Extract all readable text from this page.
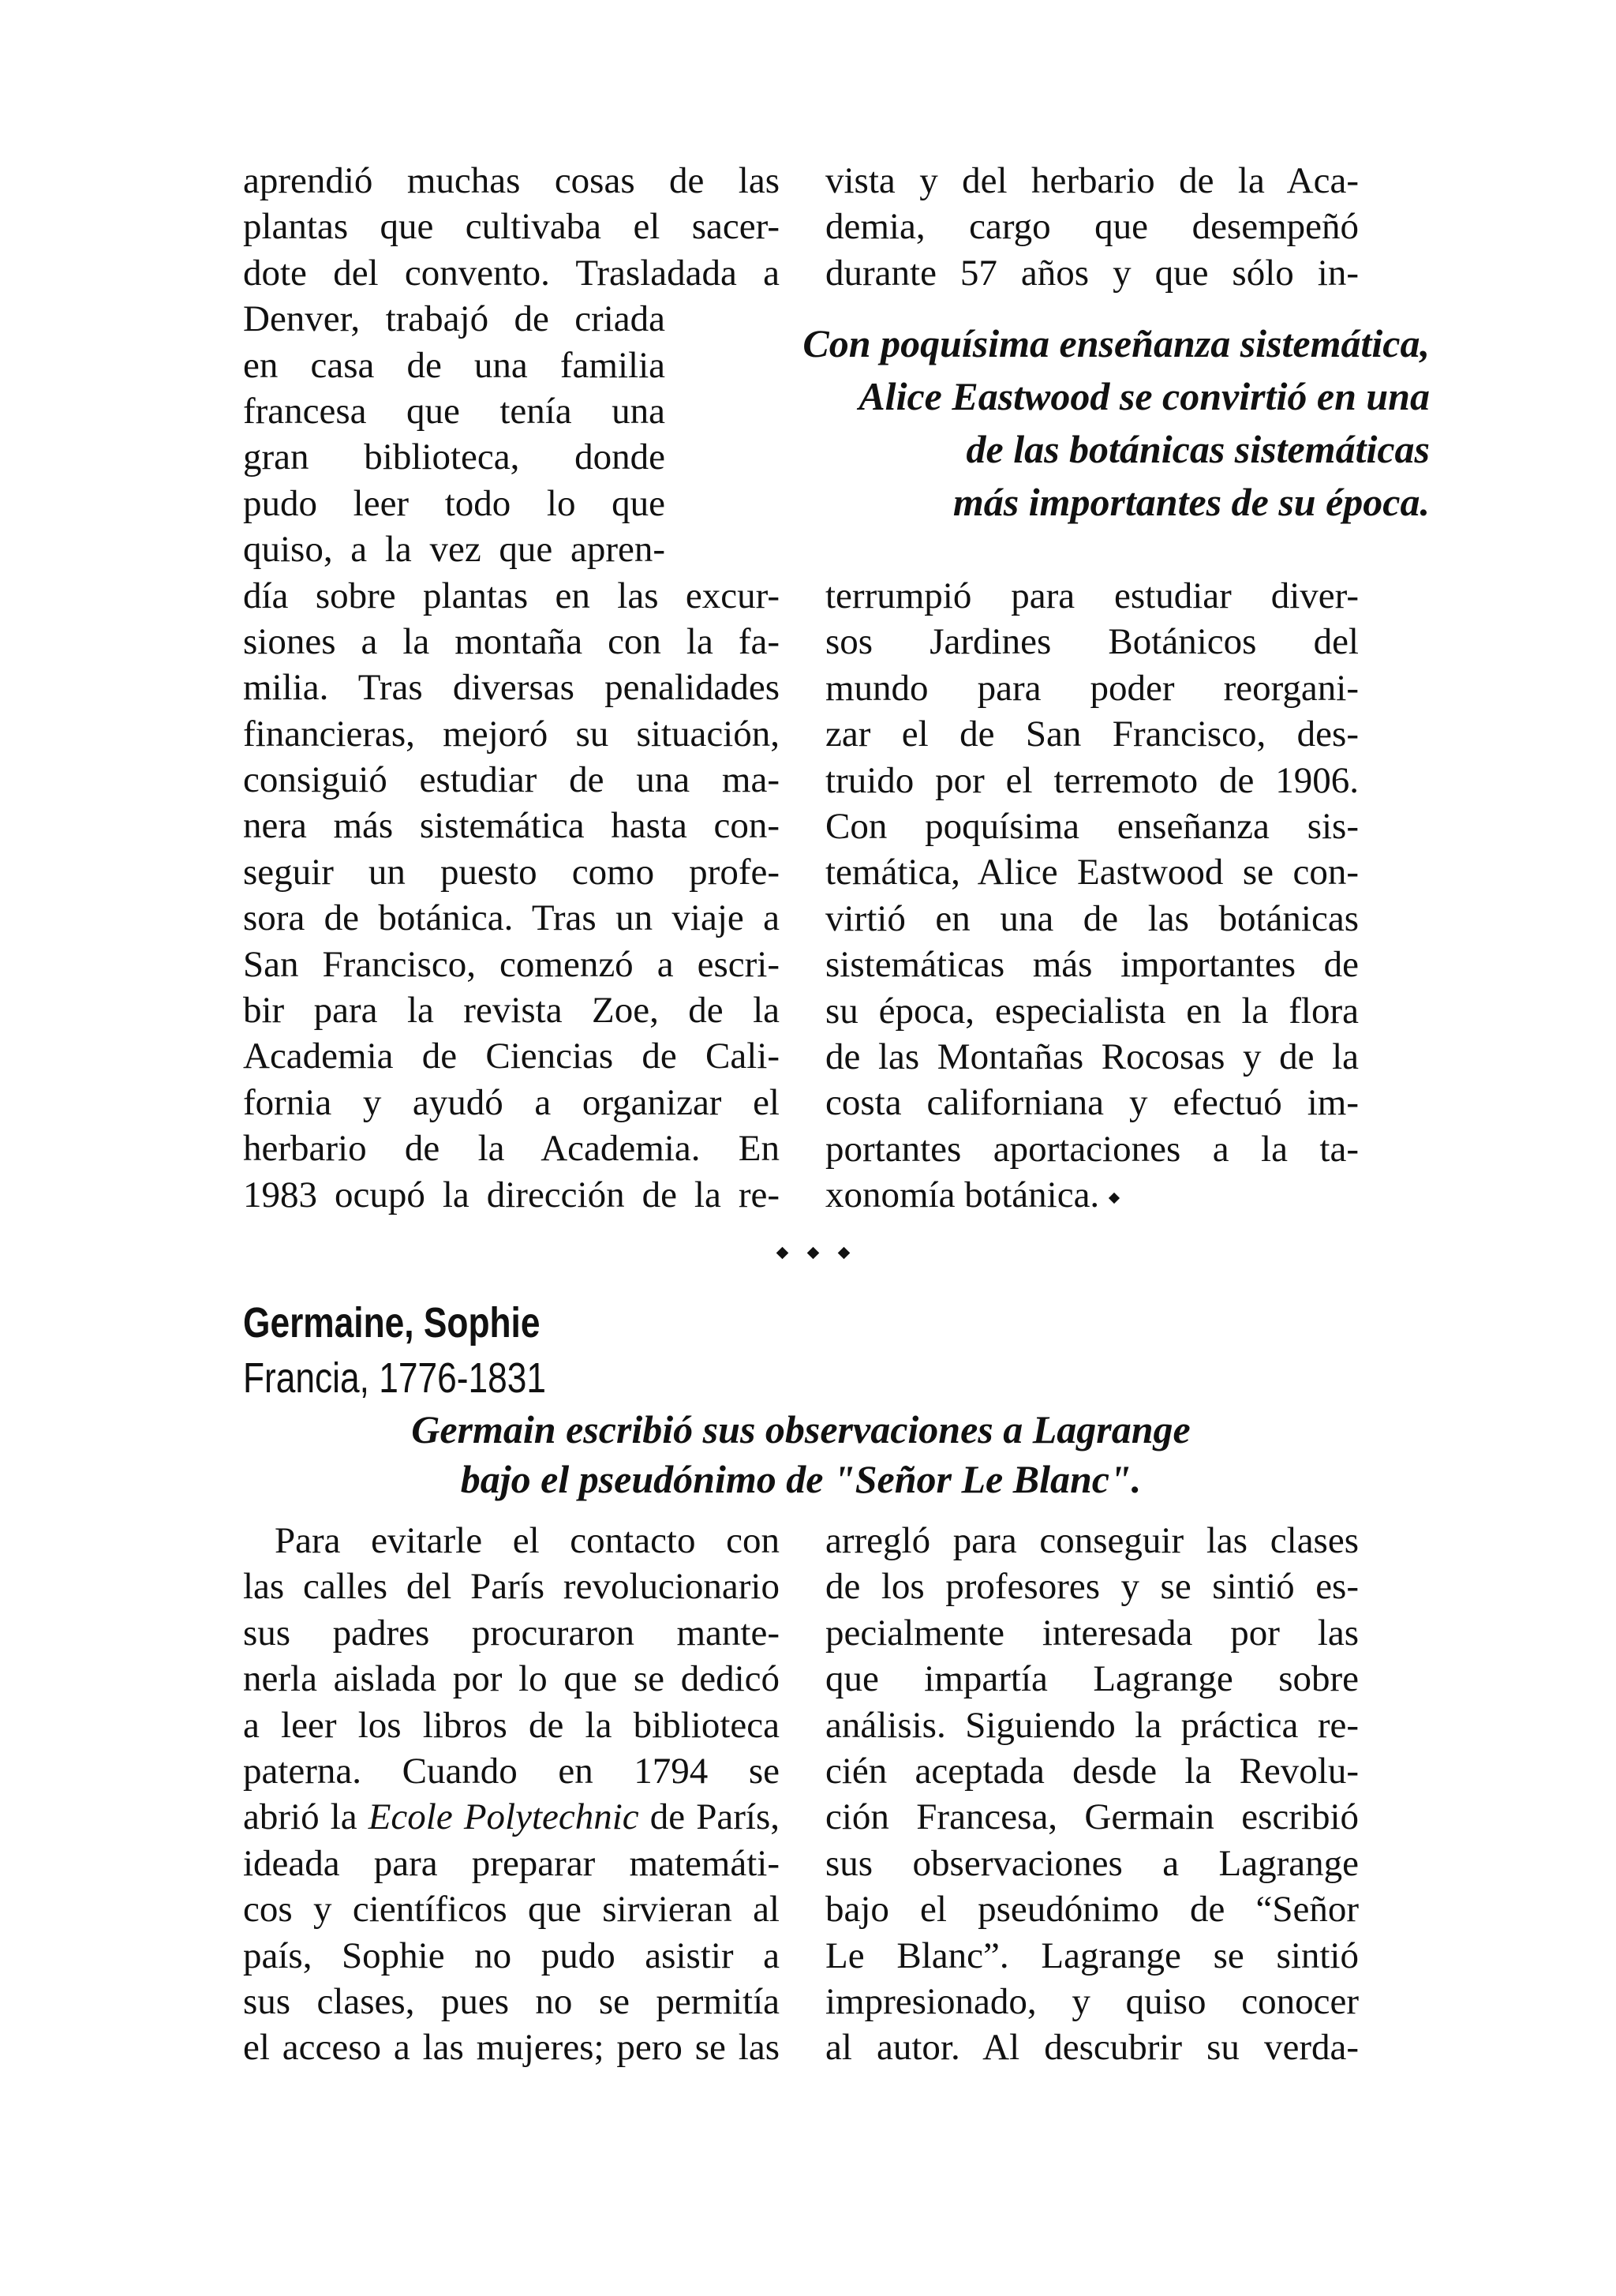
aprendió muchas cosas de las
plantas que cultivaba el sacer-
dote del convento. Trasladada a
Denver, trabajó de criada
en casa de una familia
francesa que tenía una
gran biblioteca, donde
pudo leer todo lo que
quiso, a la vez que apren-
día sobre plantas en las excur-
siones a la montaña con la fa-
milia. Tras diversas penalidades
financieras, mejoró su situación,
consiguió estudiar de una ma-
nera más sistemática hasta con-
seguir un puesto como profe-
sora de botánica. Tras un viaje a
San Francisco, comenzó a escri-
bir para la revista Zoe, de la
Academia de Ciencias de Cali-
fornia y ayudó a organizar el
herbario de la Academia. En
1983 ocupó la dirección de la re-
vista y del herbario de la Aca-
demia, cargo que desempeñó
durante 57 años y que sólo in-
Con poquísima enseñanza sistemática,
Alice Eastwood se convirtió en una
de las botánicas sistemáticas
más importantes de su época.
terrumpió para estudiar diver-
sos Jardines Botánicos del
mundo para poder reorgani-
zar el de San Francisco, des-
truido por el terremoto de 1906.
Con poquísima enseñanza sis-
temática, Alice Eastwood se con-
virtió en una de las botánicas
sistemáticas más importantes de
su época, especialista en la flora
de las Montañas Rocosas y de la
costa californiana y efectuó im-
portantes aportaciones a la ta-
xonomía botánica.
Germaine, Sophie
Francia, 1776-1831
Germain escribió sus observaciones a Lagrange
bajo el pseudónimo de "Señor Le Blanc".
Para evitarle el contacto con
las calles del París revolucionario
sus padres procuraron mante-
nerla aislada por lo que se dedicó
a leer los libros de la biblioteca
paterna. Cuando en 1794 se
abrió la Ecole Polytechnic de París,
ideada para preparar matemáti-
cos y científicos que sirvieran al
país, Sophie no pudo asistir a
sus clases, pues no se permitía
el acceso a las mujeres; pero se las
arregló para conseguir las clases
de los profesores y se sintió es-
pecialmente interesada por las
que impartía Lagrange sobre
análisis. Siguiendo la práctica re-
cién aceptada desde la Revolu-
ción Francesa, Germain escribió
sus observaciones a Lagrange
bajo el pseudónimo de “Señor
Le Blanc”. Lagrange se sintió
impresionado, y quiso conocer
al autor. Al descubrir su verda-
